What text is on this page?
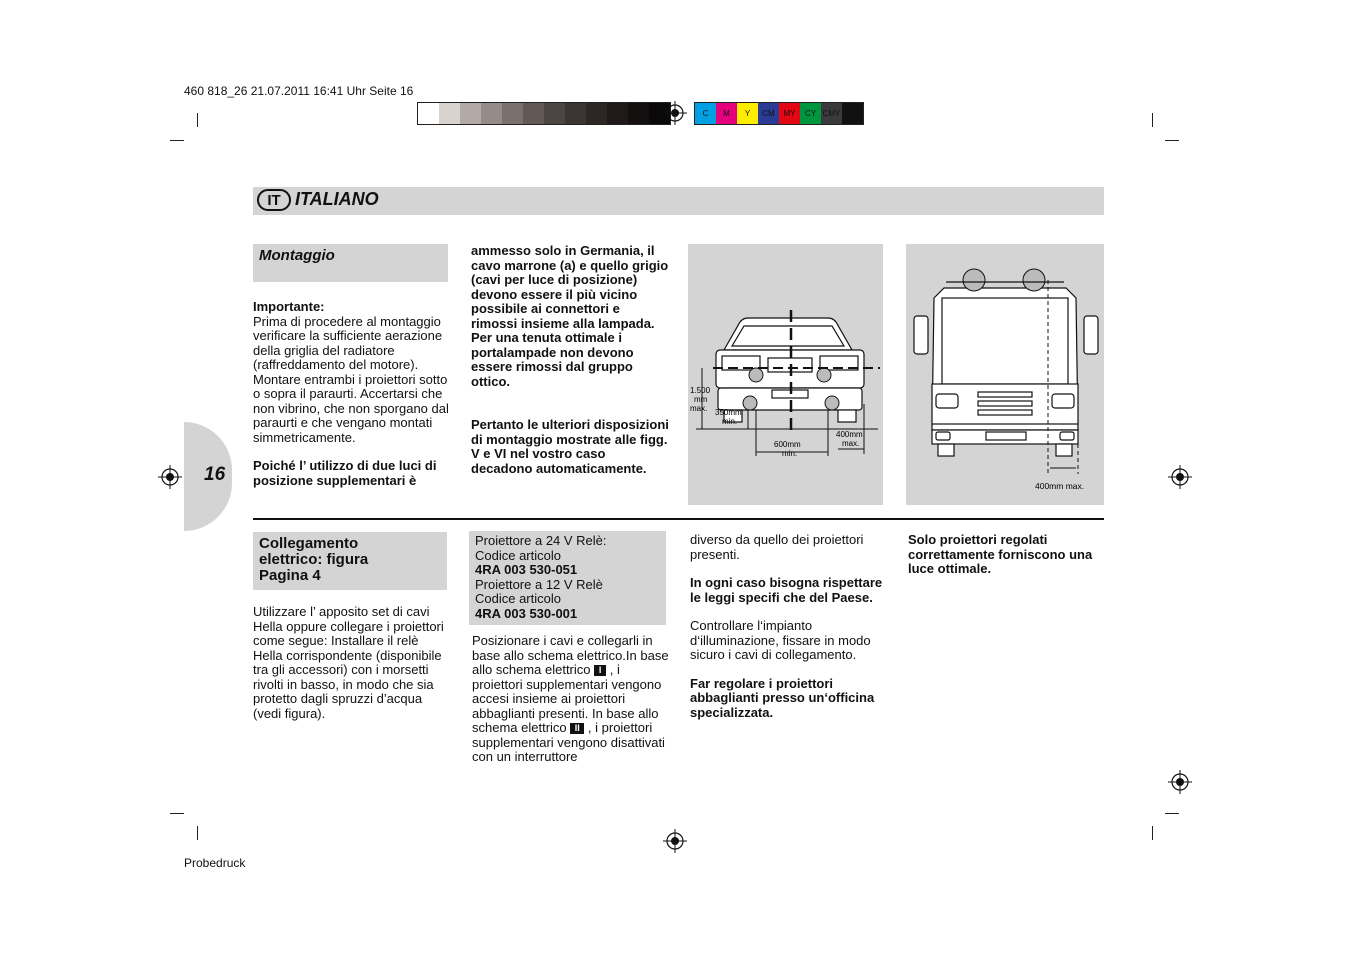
460 818_26 21.07.2011 16:41 Uhr Seite 16
C	M	Y	CM	MY	CY CMY	K
IT ITALIANO
16
Montaggio
Importante:
Prima di procedere al montaggio verificare la sufficiente aerazione della griglia del radiatore (raffreddamento del motore). Montare entrambi i proiettori sotto o sopra il paraurti. Accertarsi che non vibrino, che non sporgano dal paraurti e che vengano montati simmetricamente.
Poiché l’ utilizzo di due luci di posizione supplementari è
ammesso solo in Germania, il cavo marrone (a) e quello grigio (cavi per luce di posizione) devono essere il più vicino possibile ai connettori e rimossi insieme alla lampada. Per una tenuta ottimale i portalampade non devono essere rimossi dal gruppo ottico.
Pertanto le ulteriori disposizioni di montaggio mostrate alle figg. V e VI nel vostro caso decadono automaticamente.
1.500 mm max. 350mm min.
600mm min.
400mm max.
400mm max.
Collegamento elettrico: figura Pagina 4
Utilizzare l’ apposito set di cavi Hella oppure collegare i proiettori come segue: Installare il relè Hella corrispondente (disponibile tra gli accessori) con i morsetti rivolti in basso, in modo che sia protetto dagli spruzzi d’acqua (vedi figura).
Proiettore a 24 V Relè:
Codice articolo
4RA 003 530-051
Proiettore a 12 V Relè
Codice articolo
4RA 003 530-001
Posizionare i cavi e collegarli in base allo schema elettrico.In base allo schema elettrico I , i proiettori supplementari vengono accesi insieme ai proiettori abbaglianti presenti. In base allo schema elettrico II , i proiettori supplementari vengono disattivati con un interruttore
diverso da quello dei proiettori presenti.
In ogni caso bisogna rispettare le leggi specifi che del Paese.
Controllare l‘impianto d‘illuminazione, fissare in modo sicuro i cavi di collegamento.
Far regolare i proiettori abbaglianti presso un‘officina specializzata.
Solo proiettori regolati correttamente forniscono una luce ottimale.
Probedruck
